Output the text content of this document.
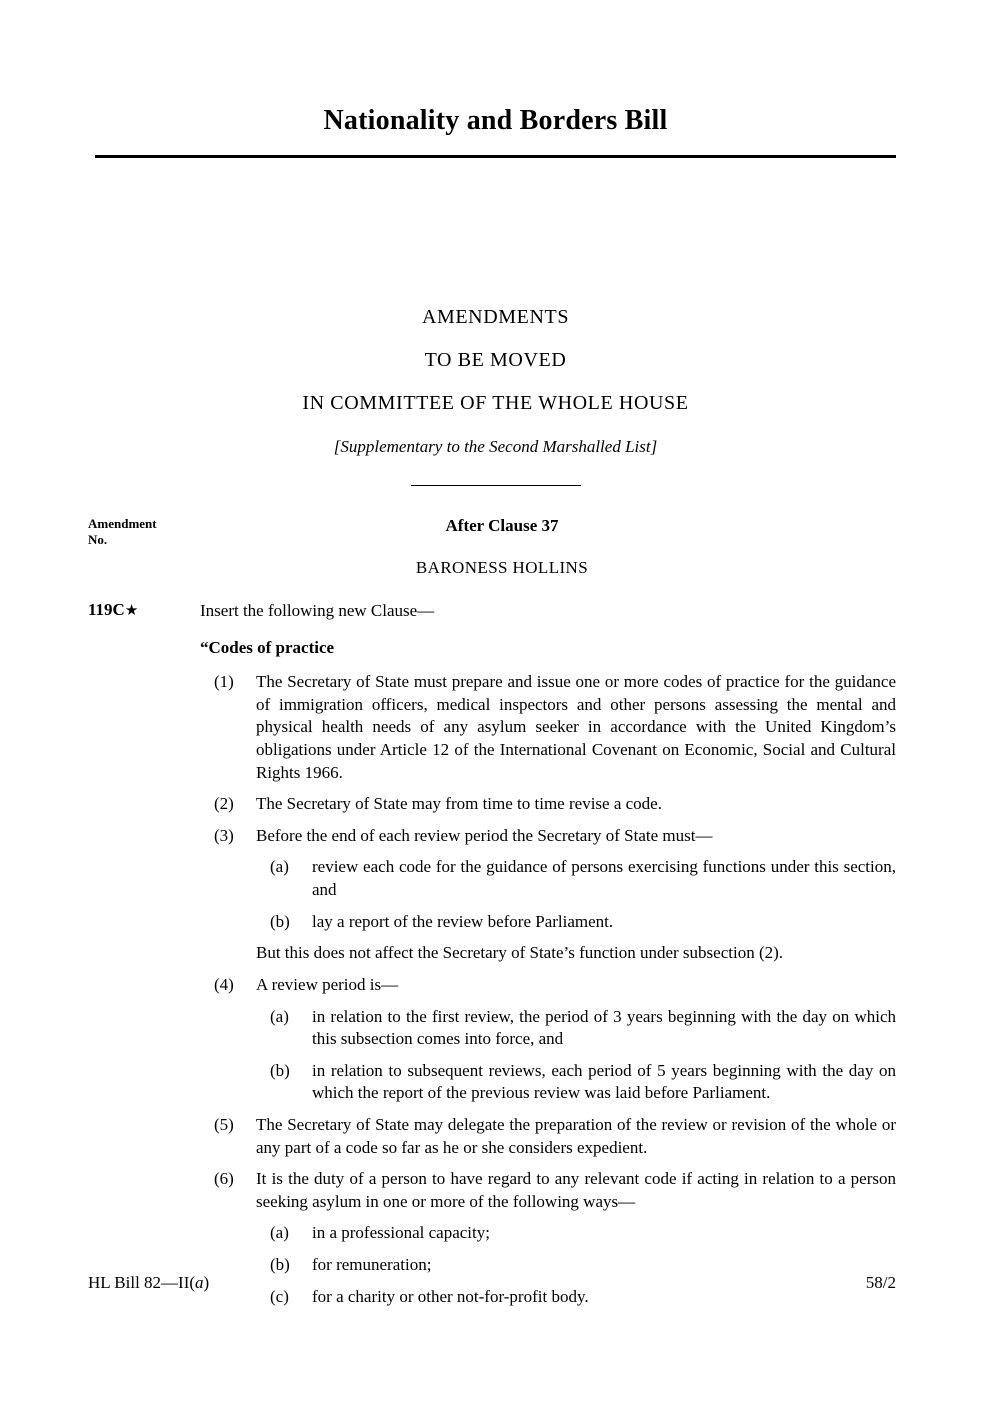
Nationality and Borders Bill
AMENDMENTS
TO BE MOVED
IN COMMITTEE OF THE WHOLE HOUSE
[Supplementary to the Second Marshalled List]
Amendment
No.
After Clause 37
BARONESS HOLLINS
119C★	Insert the following new Clause—

“Codes of practice

(1)	The Secretary of State must prepare and issue one or more codes of practice for the guidance of immigration officers, medical inspectors and other persons assessing the mental and physical health needs of any asylum seeker in accordance with the United Kingdom’s obligations under Article 12 of the International Covenant on Economic, Social and Cultural Rights 1966.
(2)	The Secretary of State may from time to time revise a code.
(3)	Before the end of each review period the Secretary of State must—
(a)	review each code for the guidance of persons exercising functions under this section, and
(b)	lay a report of the review before Parliament.
But this does not affect the Secretary of State’s function under subsection (2).
(4)	A review period is—
(a)	in relation to the first review, the period of 3 years beginning with the day on which this subsection comes into force, and
(b)	in relation to subsequent reviews, each period of 5 years beginning with the day on which the report of the previous review was laid before Parliament.
(5)	The Secretary of State may delegate the preparation of the review or revision of the whole or any part of a code so far as he or she considers expedient.
(6)	It is the duty of a person to have regard to any relevant code if acting in relation to a person seeking asylum in one or more of the following ways—
(a)	in a professional capacity;
(b)	for remuneration;
(c)	for a charity or other not-for-profit body.
HL Bill 82—II(a)	58/2
